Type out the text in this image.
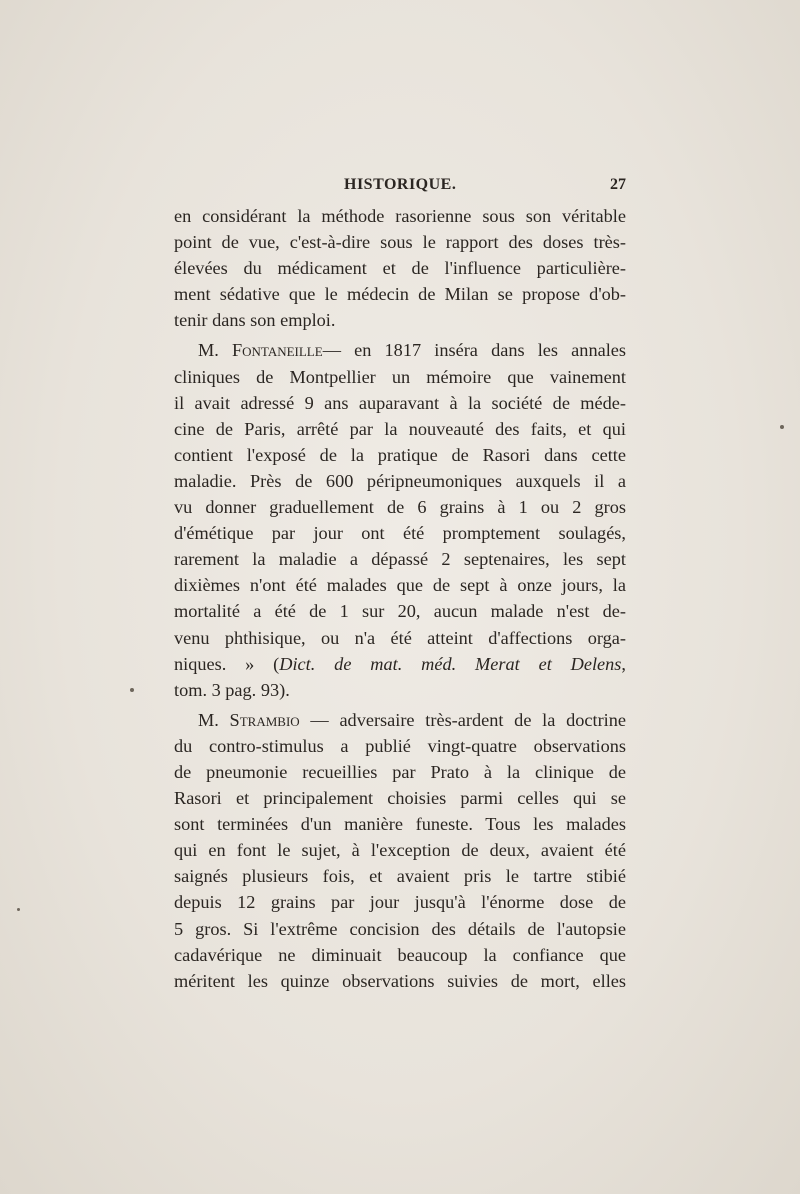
HISTORIQUE.	27
en considérant la méthode rasorienne sous son véritable
point de vue, c'est-à-dire sous le rapport des doses très-
élevées du médicament et de l'influence particulière-
ment sédative que le médecin de Milan se propose d'ob-
tenir dans son emploi.
M. Fontaneille— en 1817 inséra dans les annales
cliniques de Montpellier un mémoire que vainement
il avait adressé 9 ans auparavant à la société de méde-
cine de Paris, arrêté par la nouveauté des faits, et qui
contient l'exposé de la pratique de Rasori dans cette
maladie. Près de 600 péripneumoniques auxquels il a
vu donner graduellement de 6 grains à 1 ou 2 gros
d'émétique par jour ont été promptement soulagés,
rarement la maladie a dépassé 2 septenaires, les sept
dixièmes n'ont été malades que de sept à onze jours, la
mortalité a été de 1 sur 20, aucun malade n'est de-
venu phthisique, ou n'a été atteint d'affections orga-
niques. » (Dict. de mat. méd. Merat et Delens,
tom. 3 pag. 93).
M. Strambio — adversaire très-ardent de la doctrine
du contro-stimulus a publié vingt-quatre observations
de pneumonie recueillies par Prato à la clinique de
Rasori et principalement choisies parmi celles qui se
sont terminées d'un manière funeste. Tous les malades
qui en font le sujet, à l'exception de deux, avaient été
saignés plusieurs fois, et avaient pris le tartre stibié
depuis 12 grains par jour jusqu'à l'énorme dose de
5 gros. Si l'extrême concision des détails de l'autopsie
cadavérique ne diminuait beaucoup la confiance que
méritent les quinze observations suivies de mort, elles
